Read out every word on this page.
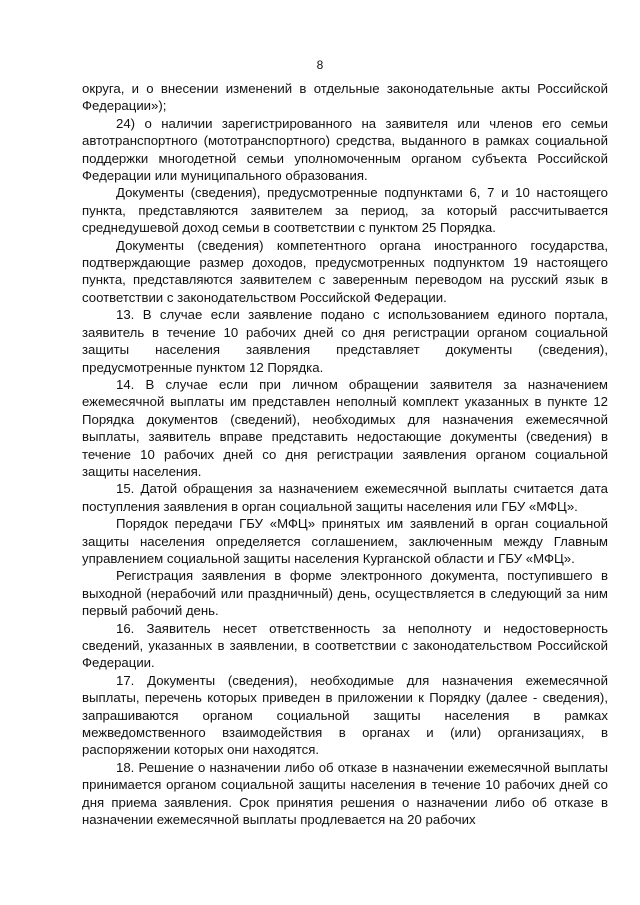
8

округа, и о внесении изменений в отдельные законодательные акты Российской Федерации»);

24) о наличии зарегистрированного на заявителя или членов его семьи автотранспортного (мототранспортного) средства, выданного в рамках социальной поддержки многодетной семьи уполномоченным органом субъекта Российской Федерации или муниципального образования.

Документы (сведения), предусмотренные подпунктами 6, 7 и 10 настоящего пункта, представляются заявителем за период, за который рассчитывается среднедушевой доход семьи в соответствии с пунктом 25 Порядка.

Документы (сведения) компетентного органа иностранного государства, подтверждающие размер доходов, предусмотренных подпунктом 19 настоящего пункта, представляются заявителем с заверенным переводом на русский язык в соответствии с законодательством Российской Федерации.

13. В случае если заявление подано с использованием единого портала, заявитель в течение 10 рабочих дней со дня регистрации органом социальной защиты населения заявления представляет документы (сведения), предусмотренные пунктом 12 Порядка.

14. В случае если при личном обращении заявителя за назначением ежемесячной выплаты им представлен неполный комплект указанных в пункте 12 Порядка документов (сведений), необходимых для назначения ежемесячной выплаты, заявитель вправе представить недостающие документы (сведения) в течение 10 рабочих дней со дня регистрации заявления органом социальной защиты населения.

15. Датой обращения за назначением ежемесячной выплаты считается дата поступления заявления в орган социальной защиты населения или ГБУ «МФЦ».

Порядок передачи ГБУ «МФЦ» принятых им заявлений в орган социальной защиты населения определяется соглашением, заключенным между Главным управлением социальной защиты населения Курганской области и ГБУ «МФЦ».

Регистрация заявления в форме электронного документа, поступившего в выходной (нерабочий или праздничный) день, осуществляется в следующий за ним первый рабочий день.

16. Заявитель несет ответственность за неполноту и недостоверность сведений, указанных в заявлении, в соответствии с законодательством Российской Федерации.

17. Документы (сведения), необходимые для назначения ежемесячной выплаты, перечень которых приведен в приложении к Порядку (далее - сведения), запрашиваются органом социальной защиты населения в рамках межведомственного взаимодействия в органах и (или) организациях, в распоряжении которых они находятся.

18. Решение о назначении либо об отказе в назначении ежемесячной выплаты принимается органом социальной защиты населения в течение 10 рабочих дней со дня приема заявления. Срок принятия решения о назначении либо об отказе в назначении ежемесячной выплаты продлевается на 20 рабочих
